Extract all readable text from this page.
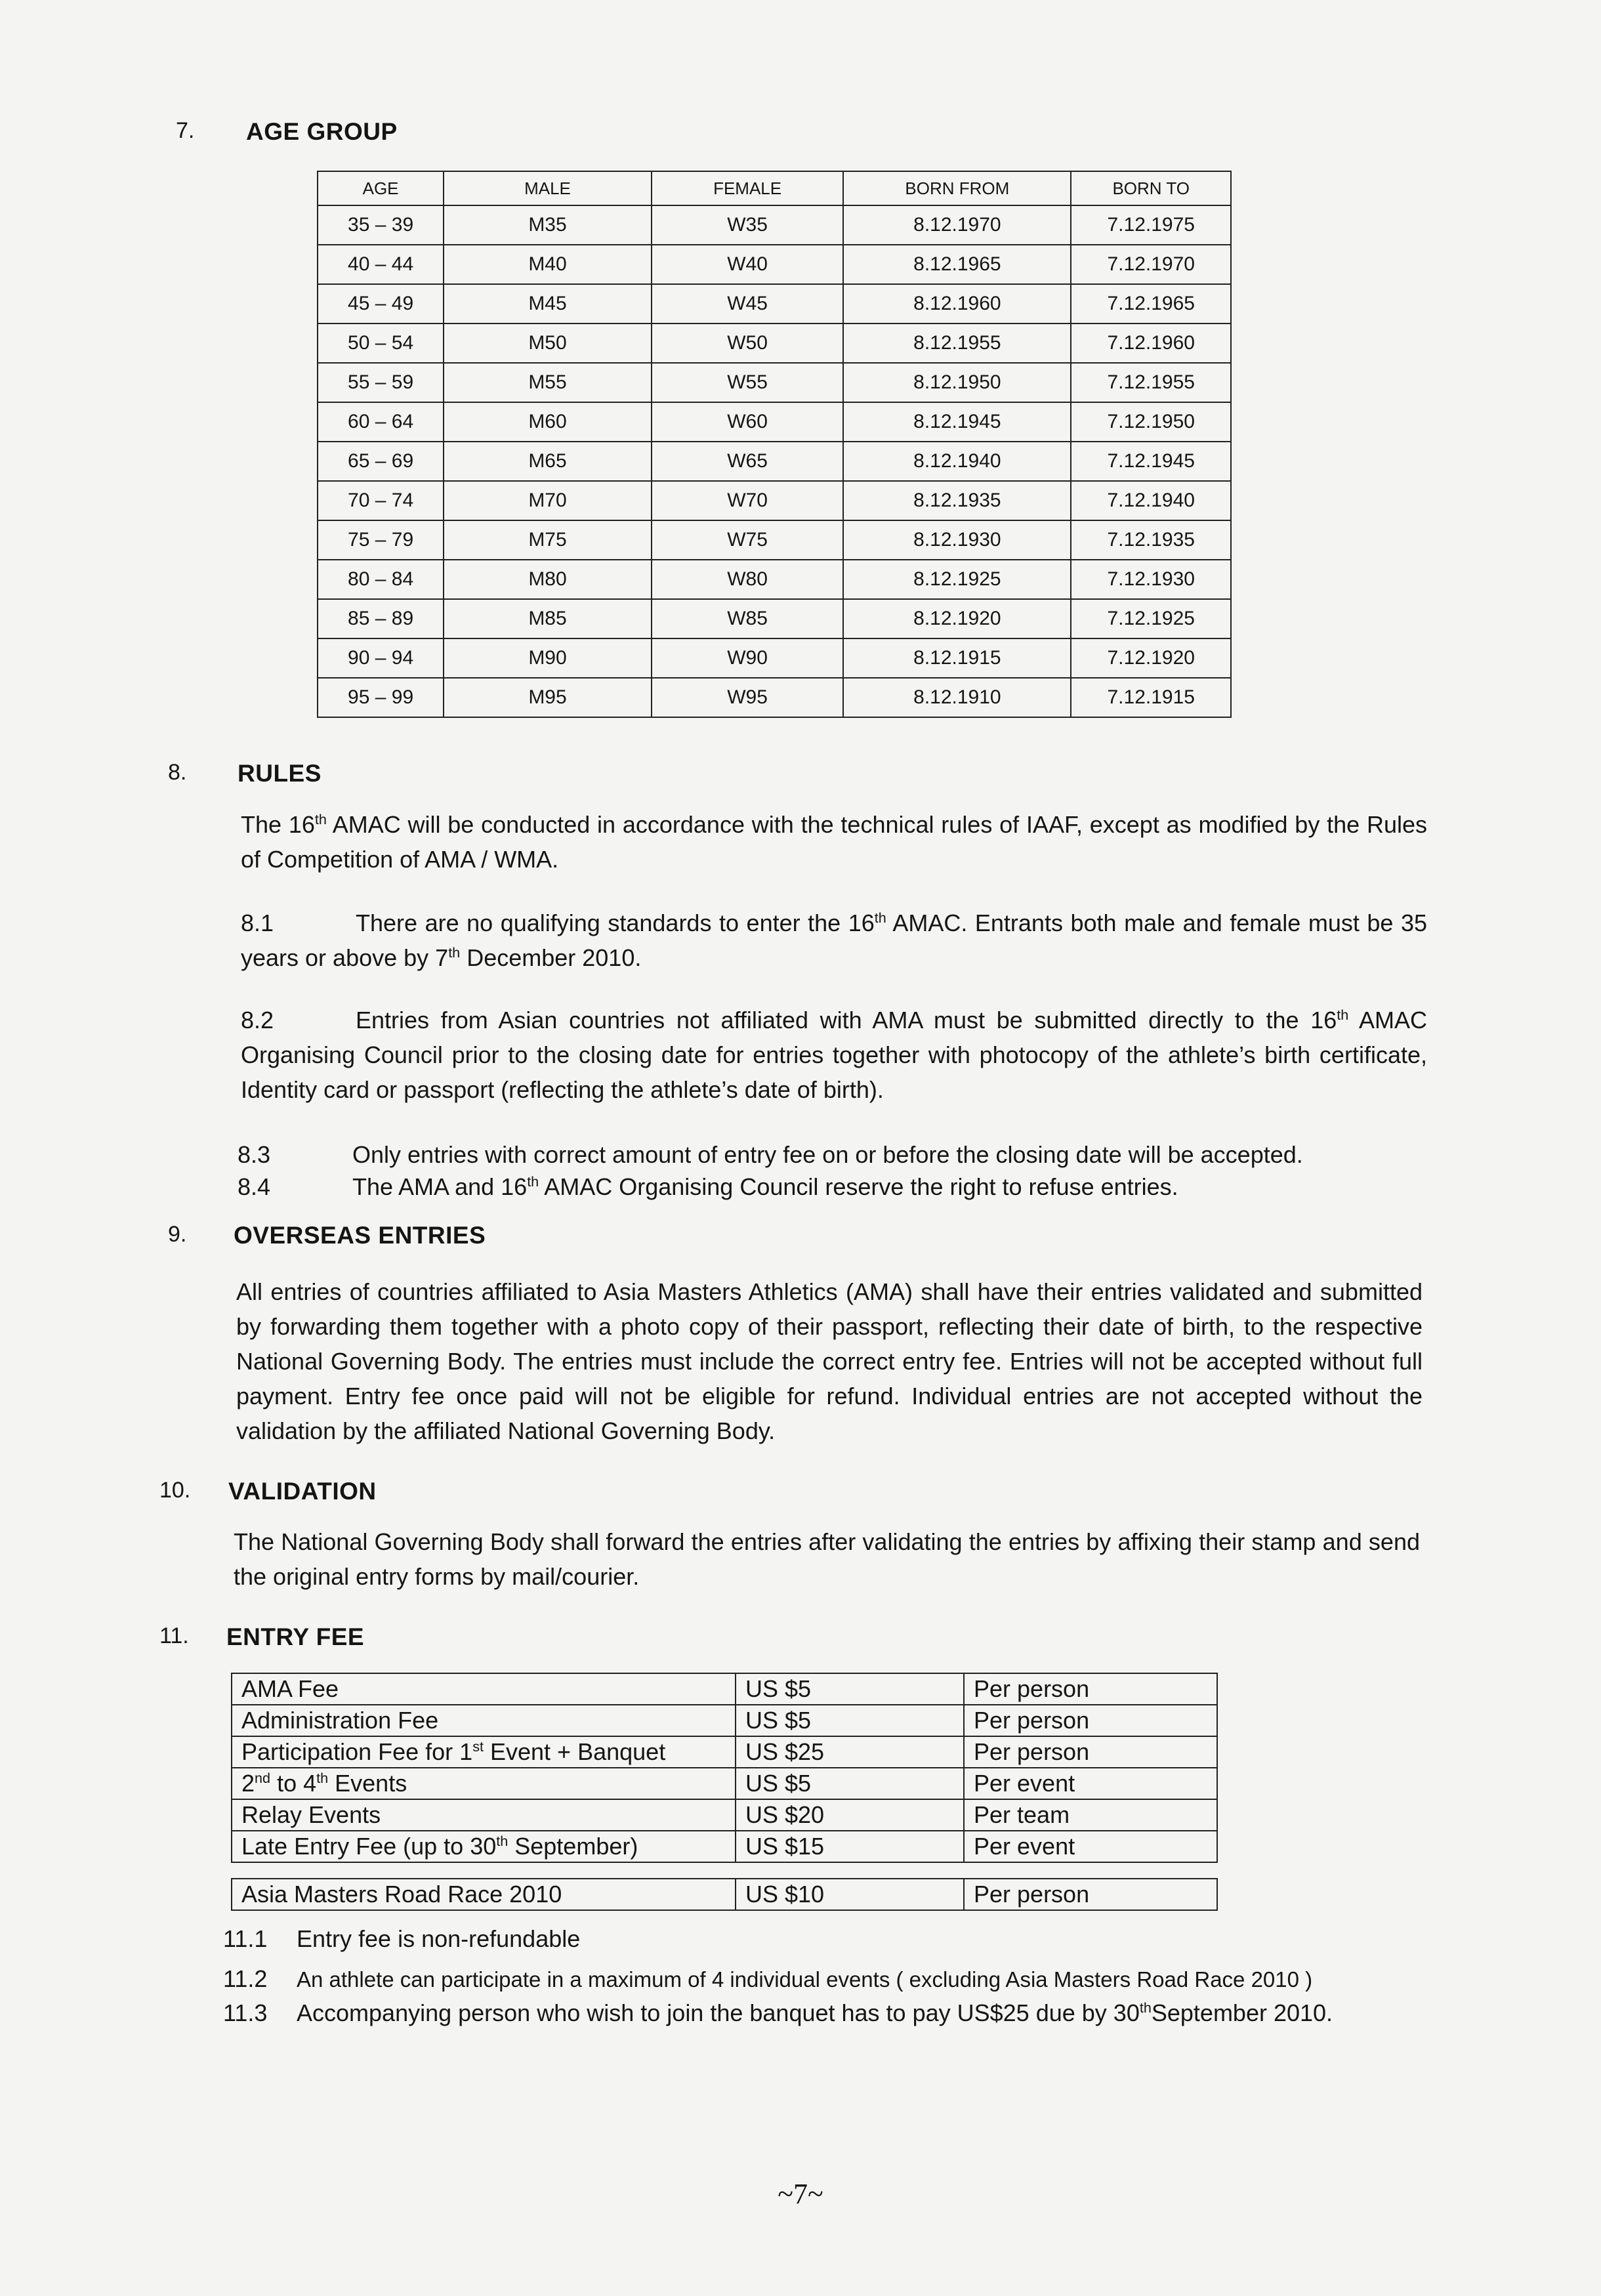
7. AGE GROUP
AGE	MALE	FEMALE	BORN FROM	BORN TO
35 – 39	M35	W35	8.12.1970	7.12.1975
40 – 44	M40	W40	8.12.1965	7.12.1970
45 – 49	M45	W45	8.12.1960	7.12.1965
50 – 54	M50	W50	8.12.1955	7.12.1960
55 – 59	M55	W55	8.12.1950	7.12.1955
60 – 64	M60	W60	8.12.1945	7.12.1950
65 – 69	M65	W65	8.12.1940	7.12.1945
70 – 74	M70	W70	8.12.1935	7.12.1940
75 – 79	M75	W75	8.12.1930	7.12.1935
80 – 84	M80	W80	8.12.1925	7.12.1930
85 – 89	M85	W85	8.12.1920	7.12.1925
90 – 94	M90	W90	8.12.1915	7.12.1920
95 – 99	M95	W95	8.12.1910	7.12.1915
8. RULES
The 16th AMAC will be conducted in accordance with the technical rules of IAAF, except as modified by the Rules of Competition of AMA / WMA.
8.1	There are no qualifying standards to enter the 16th AMAC. Entrants both male and female must be 35 years or above by 7th December 2010.
8.2	Entries from Asian countries not affiliated with AMA must be submitted directly to the 16th AMAC Organising Council prior to the closing date for entries together with photocopy of the athlete’s birth certificate, Identity card or passport (reflecting the athlete’s date of birth).
8.3	Only entries with correct amount of entry fee on or before the closing date will be accepted.
8.4	The AMA and 16th AMAC Organising Council reserve the right to refuse entries.
9. OVERSEAS ENTRIES
All entries of countries affiliated to Asia Masters Athletics (AMA) shall have their entries validated and submitted by forwarding them together with a photo copy of their passport, reflecting their date of birth, to the respective National Governing Body. The entries must include the correct entry fee. Entries will not be accepted without full payment. Entry fee once paid will not be eligible for refund. Individual entries are not accepted without the validation by the affiliated National Governing Body.
10. VALIDATION
The National Governing Body shall forward the entries after validating the entries by affixing their stamp and send the original entry forms by mail/courier.
11. ENTRY FEE
AMA Fee	US $5	Per person
Administration Fee	US $5	Per person
Participation Fee for 1st Event + Banquet	US $25	Per person
2nd to 4th Events	US $5	Per event
Relay Events	US $20	Per team
Late Entry Fee (up to 30th September)	US $15	Per event
Asia Masters Road Race 2010	US $10	Per person
11.1 Entry fee is non-refundable
11.2 An athlete can participate in a maximum of 4 individual events ( excluding Asia Masters Road Race 2010 )
11.3 Accompanying person who wish to join the banquet has to pay US$25 due by 30thSeptember 2010.
~7~
